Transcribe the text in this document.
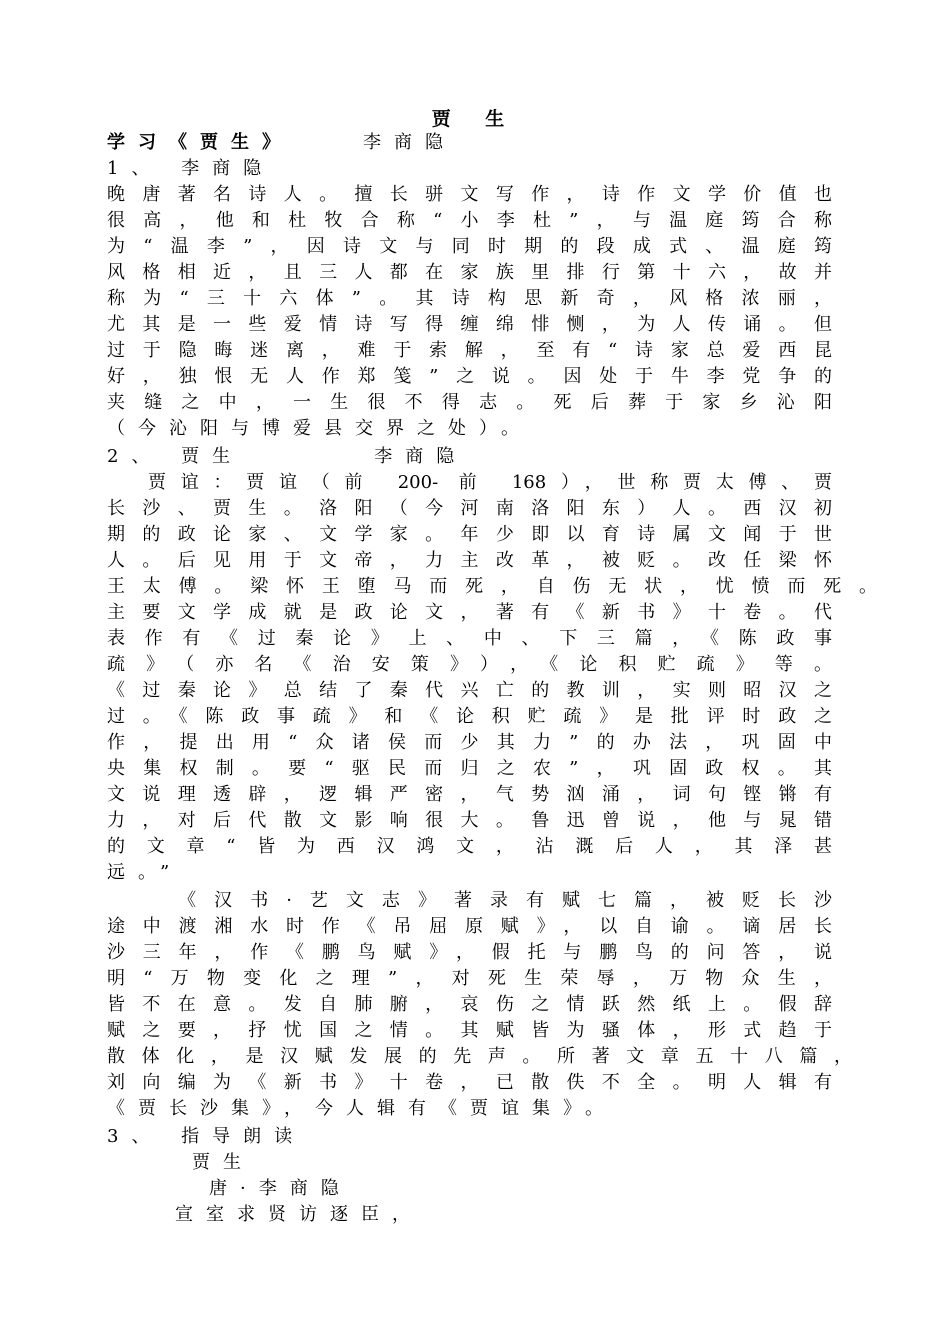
贾 生
学习《贾生》	李商隐
1、 李商隐
晚唐著名诗人。擅长骈文写作，诗作文学价值也
很高，他和杜牧合称“小李杜”，与温庭筠合称
为“温李”，因诗文与同时期的段成式、温庭筠
风格相近，且三人都在家族里排行第十六，故并
称为“三十六体”。其诗构思新奇，风格浓丽，
尤其是一些爱情诗写得缠绵悱恻，为人传诵。但
过于隐晦迷离，难于索解，至有“诗家总爱西昆
好，独恨无人作郑笺”之说。因处于牛李党争的
夹缝之中，一生很不得志。死后葬于家乡沁阳
（今沁阳与博爱县交界之处）。
2、 贾生       李商隐
贾谊：贾谊（前 200- 前 168），世称贾太傅、贾
长沙、贾生。洛阳（今河南洛阳东）人。西汉初
期的政论家、文学家。年少即以育诗属文闻于世
人。后见用于文帝，力主改革，被贬。改任梁怀
王太傅。梁怀王堕马而死，自伤无状，忧愤而死。
主要文学成就是政论文，著有《新书》十卷。代
表作有《过秦论》上、中、下三篇，《陈政事
疏》（亦名《治安策》），《论积贮疏》等。
《过秦论》总结了秦代兴亡的教训，实则昭汉之
过。《陈政事疏》和《论积贮疏》是批评时政之
作，提出用“众诸侯而少其力”的办法，巩固中
央集权制。要“驱民而归之农”，巩固政权。其
文说理透辟，逻辑严密，气势汹涌，词句铿锵有
力，对后代散文影响很大。鲁迅曾说，他与晁错
的文章“皆为西汉鸿文，沾溉后人，其泽甚
远。”
《汉书·艺文志》著录有赋七篇，被贬长沙
途中渡湘水时作《吊屈原赋》，以自谕。谪居长
沙三年，作《鹏鸟赋》，假托与鹏鸟的问答，说
明“万物变化之理”，对死生荣辱，万物众生，
皆不在意。发自肺腑，哀伤之情跃然纸上。假辞
赋之要，抒忧国之情。其赋皆为骚体，形式趋于
散体化，是汉赋发展的先声。所著文章五十八篇，
刘向编为《新书》十卷，已散佚不全。明人辑有
《贾长沙集》，今人辑有《贾谊集》。
3、 指导朗读
贾生
唐·李商隐
宣室求贤访逐臣，
